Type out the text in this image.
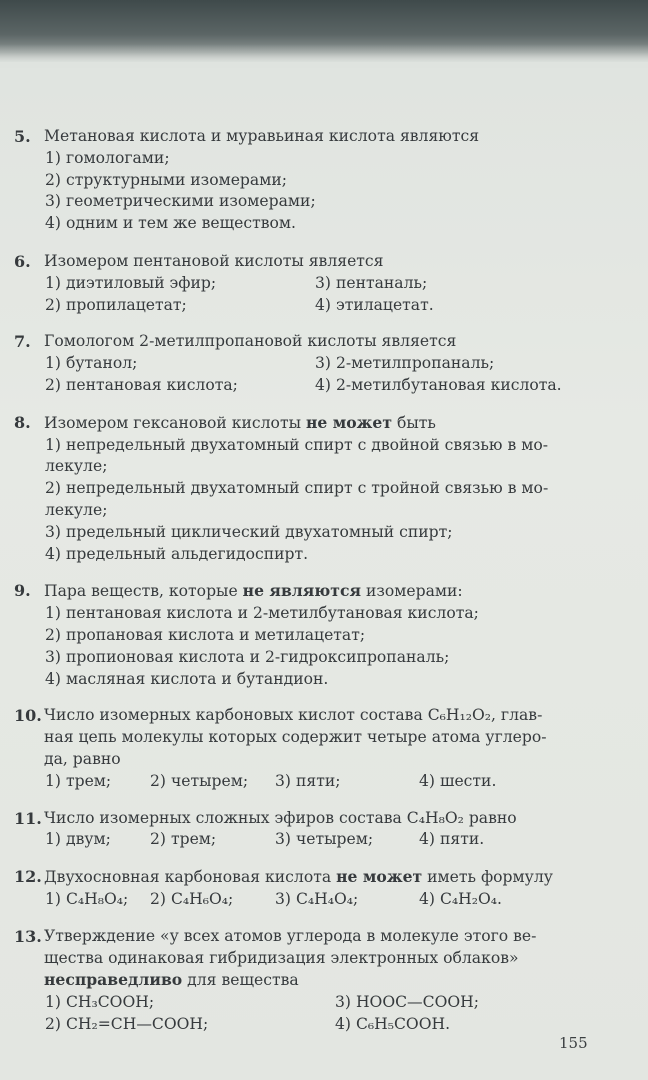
5. Метановая кислота и муравьиная кислота являются
1) гомологами;
2) структурными изомерами;
3) геометрическими изомерами;
4) одним и тем же веществом.
6. Изомером пентановой кислоты является
1) диэтиловый эфир;	3) пентаналь;
2) пропилацетат;	4) этилацетат.
7. Гомологом 2-метилпропановой кислоты является
1) бутанол;	3) 2-метилпропаналь;
2) пентановая кислота;	4) 2-метилбутановая кислота.
8. Изомером гексановой кислоты не может быть
1) непредельный двухатомный спирт с двойной связью в мо-
лекуле;
2) непредельный двухатомный спирт с тройной связью в мо-
лекуле;
3) предельный циклический двухатомный спирт;
4) предельный альдегидоспирт.
9. Пара веществ, которые не являются изомерами:
1) пентановая кислота и 2-метилбутановая кислота;
2) пропановая кислота и метилацетат;
3) пропионовая кислота и 2-гидроксипропаналь;
4) масляная кислота и бутандион.
10. Число изомерных карбоновых кислот состава C₆H₁₂O₂, глав-
ная цепь молекулы которых содержит четыре атома углеро-
да, равно
1) трем;	2) четырем;	3) пяти;	4) шести.
11. Число изомерных сложных эфиров состава C₄H₈O₂ равно
1) двум;	2) трем;	3) четырем;	4) пяти.
12. Двухосновная карбоновая кислота не может иметь формулу
1) C₄H₈O₄;	2) C₄H₆O₄;	3) C₄H₄O₄;	4) C₄H₂O₄.
13. Утверждение «у всех атомов углерода в молекуле этого ве-
щества одинаковая гибридизация электронных облаков»
несправедливо для вещества
1) CH₃COOH;	3) HOOC—COOH;
2) CH₂=CH—COOH;	4) C₆H₅COOH.
155
